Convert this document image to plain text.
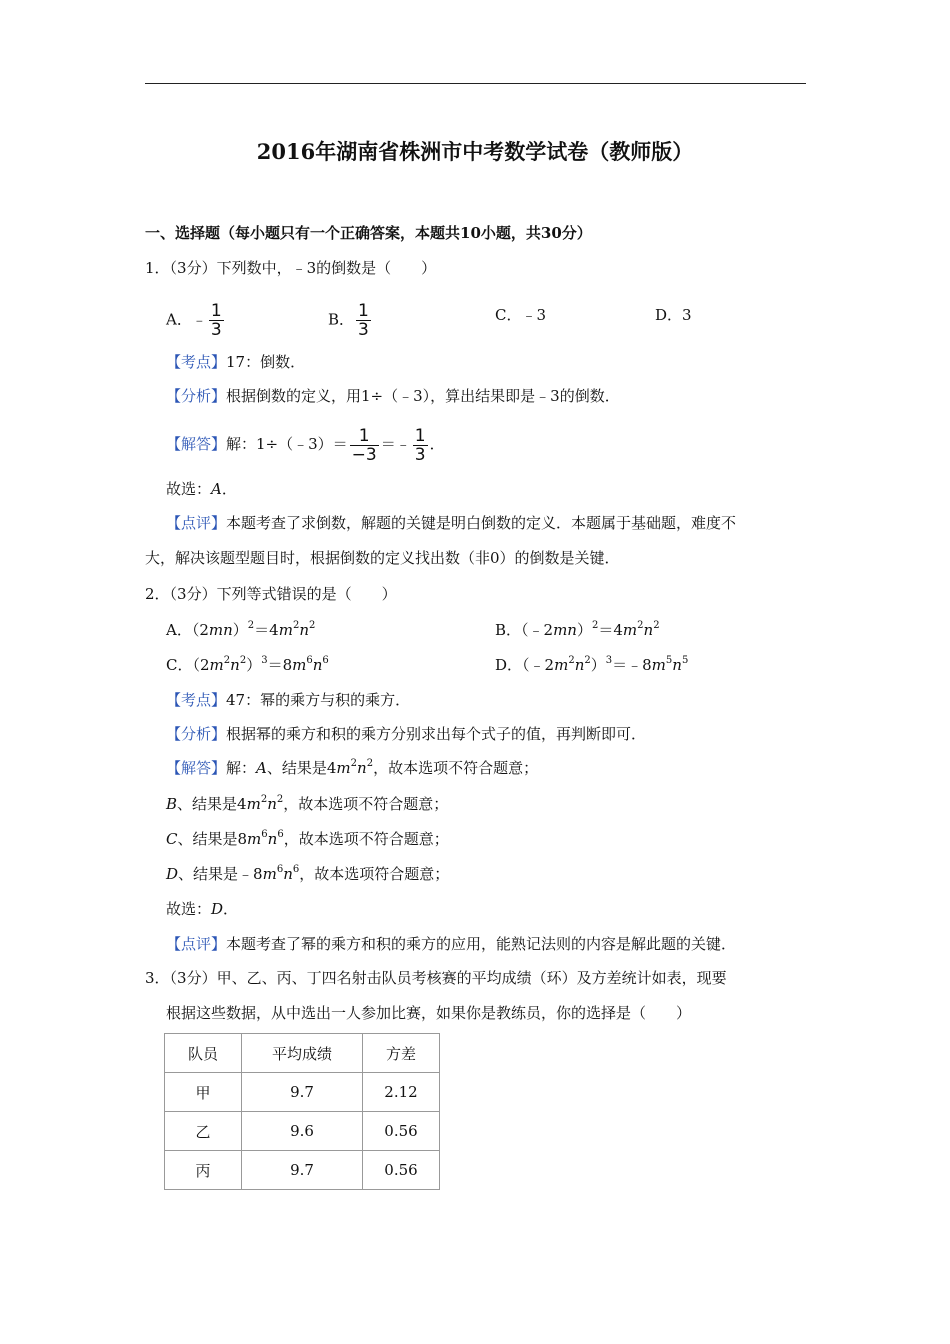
2016年湖南省株洲市中考数学试卷（教师版）
一、选择题（每小题只有一个正确答案，本题共10小题，共30分）
1．（3分）下列数中，﹣3的倒数是（　　）
A．﹣ $\frac{1}{3}$	B． $\frac{1}{3}$	C．﹣3	D．3
【考点】17：倒数．
【分析】根据倒数的定义，用1÷（﹣3），算出结果即是﹣3的倒数．
【解答】解：1÷（﹣3）＝ $\frac{1}{-3}$ ＝﹣ $\frac{1}{3}$ ．
故选：A．
【点评】本题考查了求倒数，解题的关键是明白倒数的定义．本题属于基础题，难度不
大，解决该题型题目时，根据倒数的定义找出数（非0）的倒数是关键．
2．（3分）下列等式错误的是（　　）
A．$(2mn)^2=4m^2n^2$	B．$(﹣2mn)^2=4m^2n^2$
C．$(2m^2n^2)^3=8m^6n^6$	D．$(﹣2m^2n^2)^3=﹣8m^5n^5$
【考点】47：幂的乘方与积的乘方．
【分析】根据幂的乘方和积的乘方分别求出每个式子的值，再判断即可．
【解答】解：A、结果是$4m^2n^2$，故本选项不符合题意；
B、结果是$4m^2n^2$，故本选项不符合题意；
C、结果是$8m^6n^6$，故本选项不符合题意；
D、结果是$﹣8m^6n^6$，故本选项符合题意；
故选：D．
【点评】本题考查了幂的乘方和积的乘方的应用，能熟记法则的内容是解此题的关键．
3．（3分）甲、乙、丙、丁四名射击队员考核赛的平均成绩（环）及方差统计如表，现要
根据这些数据，从中选出一人参加比赛，如果你是教练员，你的选择是（　　）
队员	平均成绩	方差
甲	9.7	2.12
乙	9.6	0.56
丙	9.7	0.56
